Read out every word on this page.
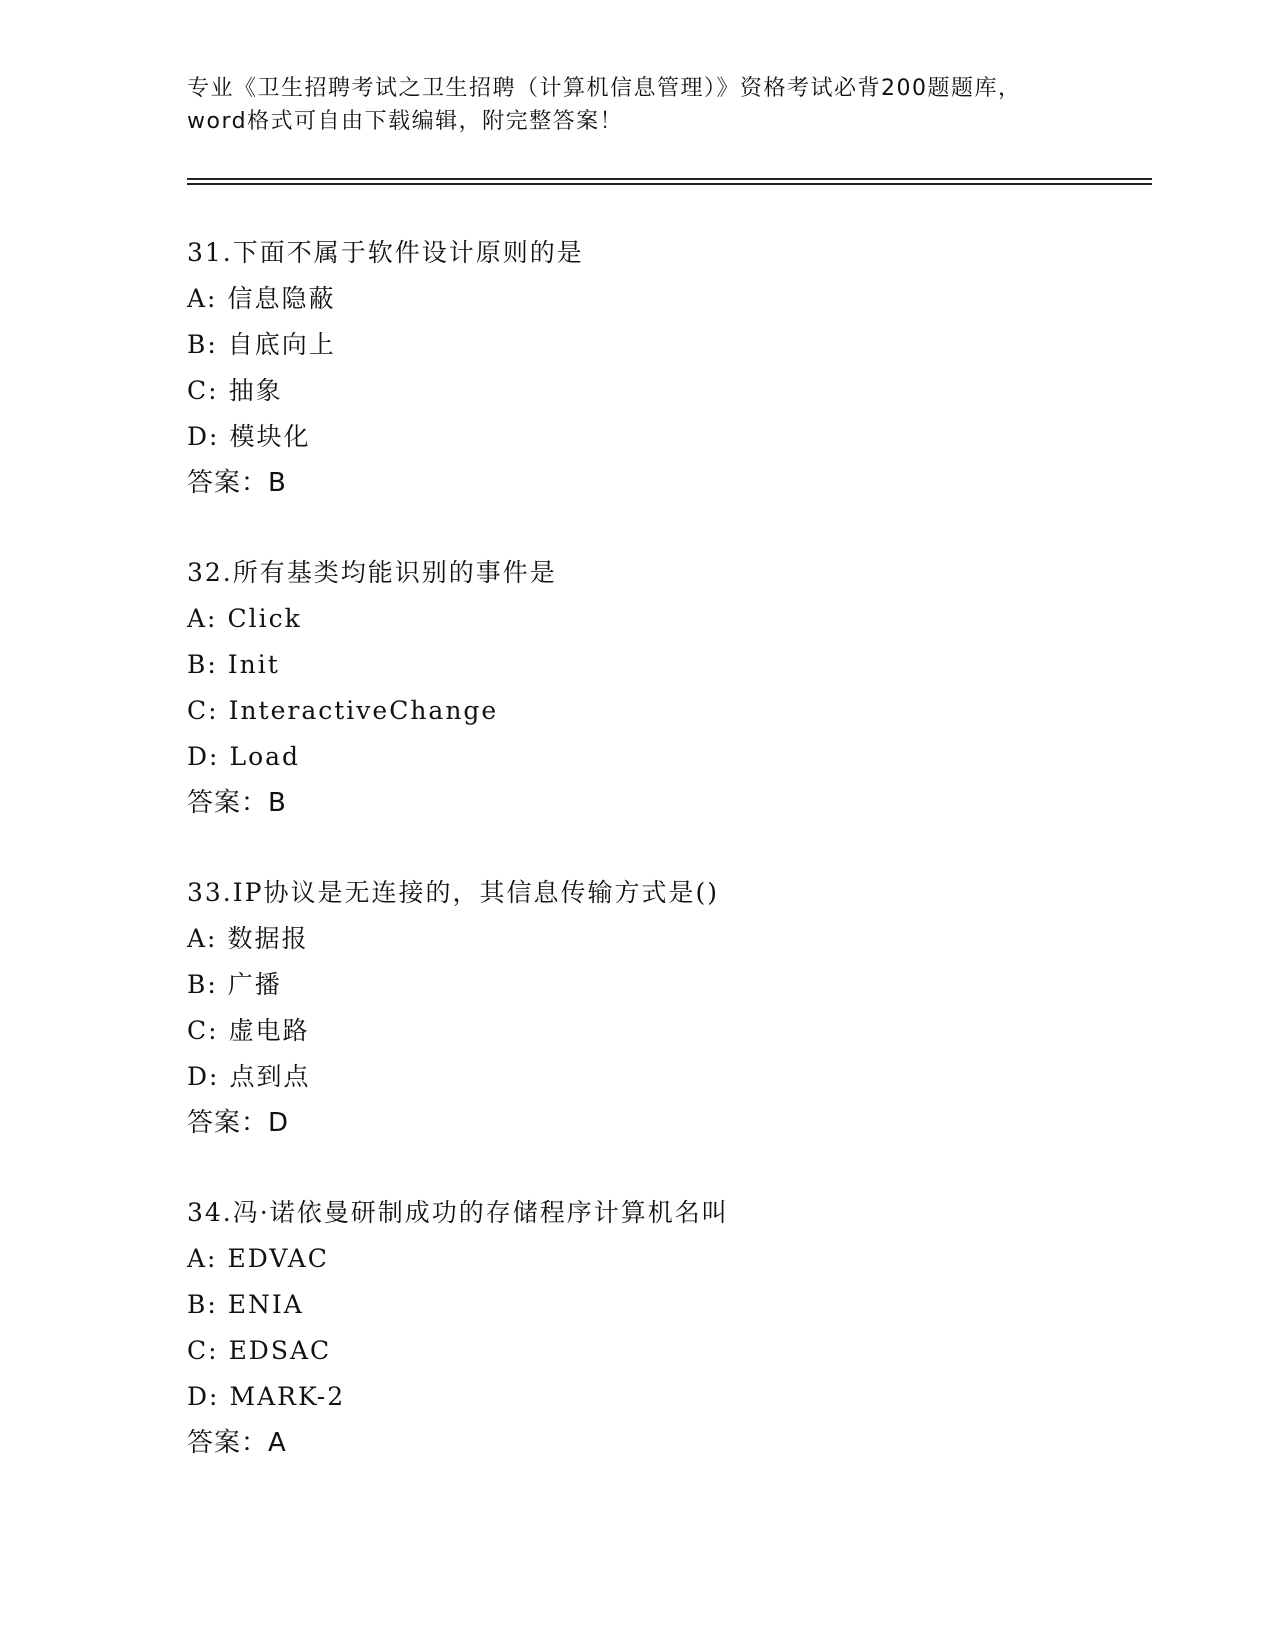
专业《卫生招聘考试之卫生招聘（计算机信息管理）》资格考试必背200题题库，
word格式可自由下载编辑，附完整答案！
31.下面不属于软件设计原则的是
A: 信息隐蔽
B: 自底向上
C: 抽象
D: 模块化
答案：B
32.所有基类均能识别的事件是
A: Click
B: Init
C: InteractiveChange
D: Load
答案：B
33.IP协议是无连接的，其信息传输方式是()
A: 数据报
B: 广播
C: 虚电路
D: 点到点
答案：D
34.冯·诺依曼研制成功的存储程序计算机名叫
A: EDVAC
B: ENIA
C: EDSAC
D: MARK-2
答案：A
